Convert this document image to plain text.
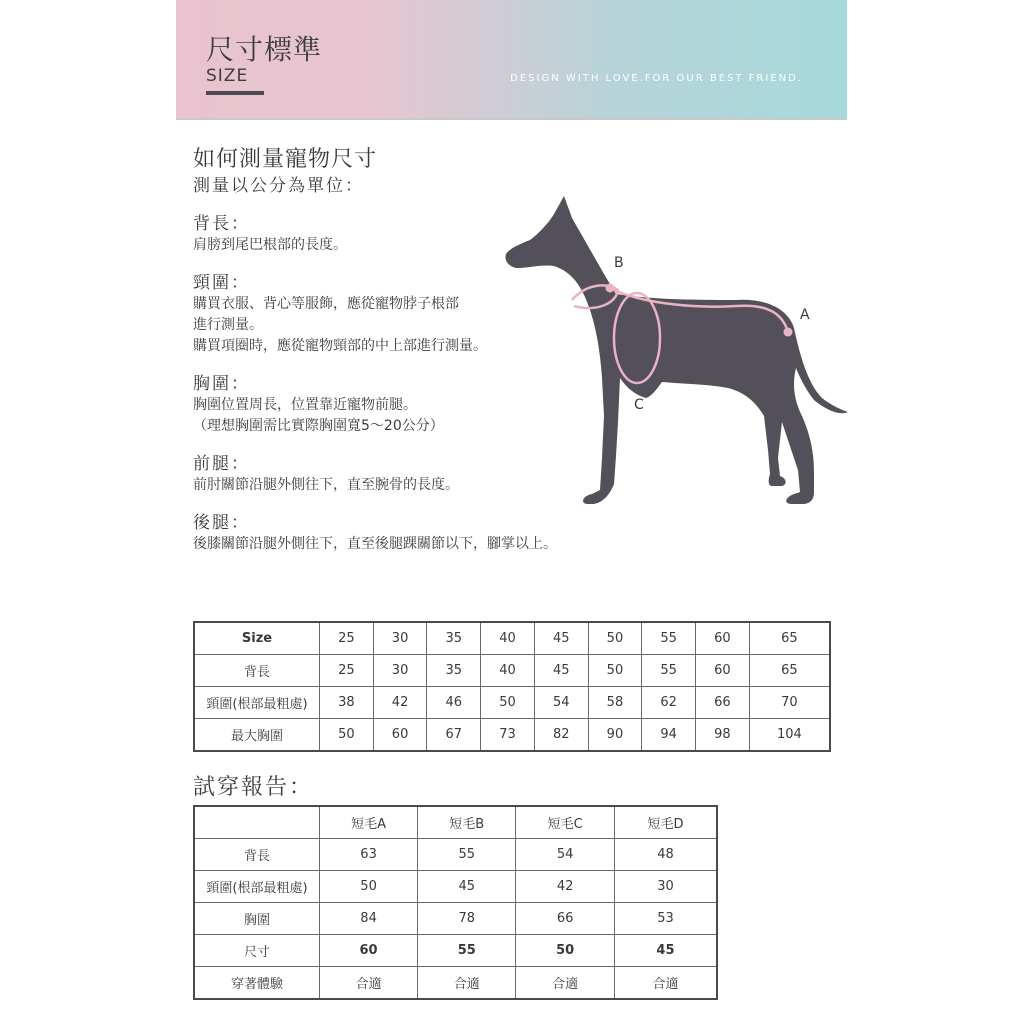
尺寸標準
SIZE	DESIGN WITH LOVE.FOR OUR BEST FRIEND.
如何測量寵物尺寸
測量以公分為單位：
背長：
肩膀到尾巴根部的長度。
頸圍：
購買衣服、背心等服飾，應從寵物脖子根部
進行測量。
購買項圈時，應從寵物頸部的中上部進行測量。
胸圍：
胸圍位置周長，位置靠近寵物前腿。
（理想胸圍需比實際胸圍寬5～20公分）
前腿：
前肘關節沿腿外側往下，直至腕骨的長度。
後腿：
後膝關節沿腿外側往下，直至後腿踝關節以下，腳掌以上。
B
A
C
Size	25	30	35	40	45	50	55	60	65
背長	25	30	35	40	45	50	55	60	65
頸圍(根部最粗處)	38	42	46	50	54	58	62	66	70
最大胸圍	50	60	67	73	82	90	94	98	104
試穿報告：
	短毛A	短毛B	短毛C	短毛D
背長	63	55	54	48
頸圍(根部最粗處)	50	45	42	30
胸圍	84	78	66	53
尺寸	60	55	50	45
穿著體驗	合適	合適	合適	合適
